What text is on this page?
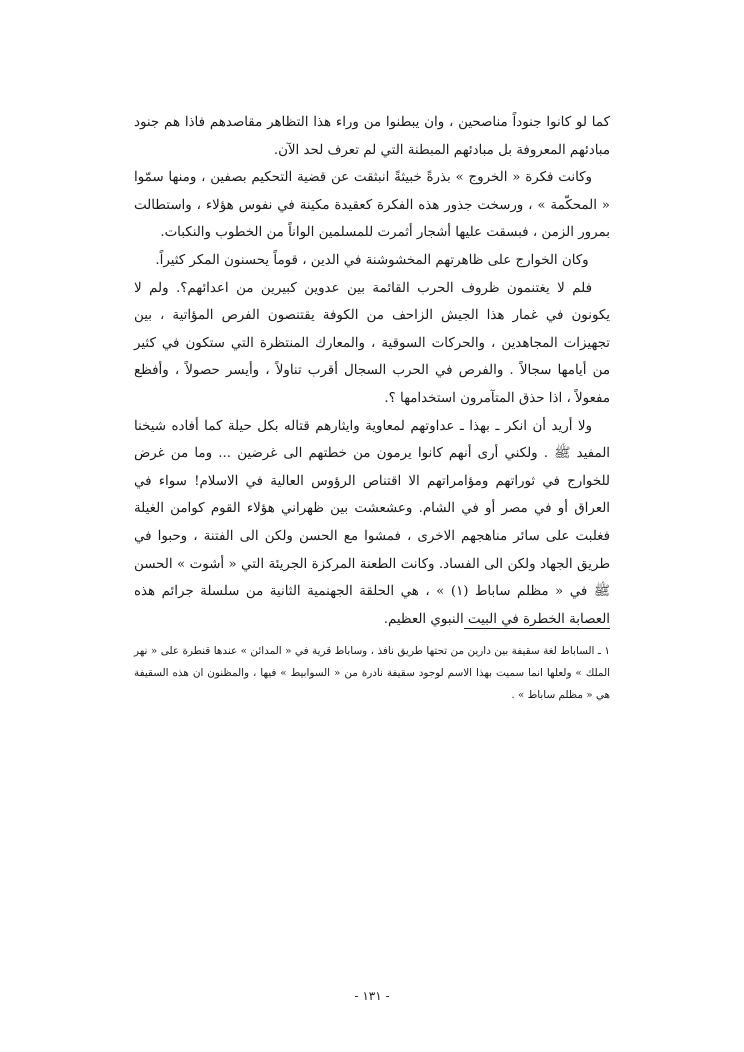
كما لو كانوا جنوداً مناصحين ، وان يبطنوا من وراء هذا التظاهر مقاصدهم فاذا هم جنود مبادئهم المعروفة بل مبادئهم المبطنة التي لم تعرف لحد الآن.

وكانت فكرة « الخروج » بذرةً خبيثةً انبثقت عن قضية التحكيم بصفين ، ومنها سمّوا « المحكّمة » ، ورسخت جذور هذه الفكرة كعقيدة مكينة في نفوس هؤلاء ، واستطالت بمرور الزمن ، فبسقت عليها أشجار أثمرت للمسلمين الواناً من الخطوب والنكبات.

وكان الخوارج على ظاهرتهم المخشوشنة في الدين ، قوماً يحسنون المكر كثيراً.

فلم لا يغتنمون ظروف الحرب القائمة بين عدوين كبيرين من اعدائهم؟. ولم لا يكونون في غمار هذا الجيش الزاحف من الكوفة يقتنصون الفرص المؤاتية ، بين تجهيزات المجاهدين ، والحركات السوقية ، والمعارك المنتظرة التي ستكون في كثير من أيامها سجالاً . والفرص في الحرب السجال أقرب تناولاً ، وأيسر حصولاً ، وأفظع مفعولاً ، اذا حذق المتآمرون استخدامها ؟.

ولا أريد أن انكر ـ بهذا ـ عداوتهم لمعاوية وايثارهم قتاله بكل حيلة كما أفاده شيخنا المفيد ﷺ . ولكني أرى أنهم كانوا يرمون من خطتهم الى غرضين ... وما من غرض للخوارج في ثوراتهم ومؤامراتهم الا اقتناص الرؤوس العالية في الاسلام! سواء في العراق أو في مصر أو في الشام. وعشعشت بين ظهراني هؤلاء القوم كوامن الغيلة فغلبت على سائر مناهجهم الاخرى ، فمشوا مع الحسن ولكن الى الفتنة ، وحبوا في طريق الجهاد ولكن الى الفساد. وكانت الطعنة المركزة الجريئة التي « أشوت » الحسن ﷺ في « مظلم ساباط (١) » ، هي الحلقة الجهنمية الثانية من سلسلة جرائم هذه العصابة الخطرة في البيت النبوي العظيم.

١ ـ الساباط لغة سقيفة بين دارين من تحتها طريق نافذ ، وساباط قرية في « المدائن » عندها قنطرة على « نهر الملك » ولعلها انما سميت بهذا الاسم لوجود سقيفة نادرة من « السوابيط » فيها ، والمظنون ان هذه السقيفة هي « مظلم ساباط » .

- ١٣١ -
